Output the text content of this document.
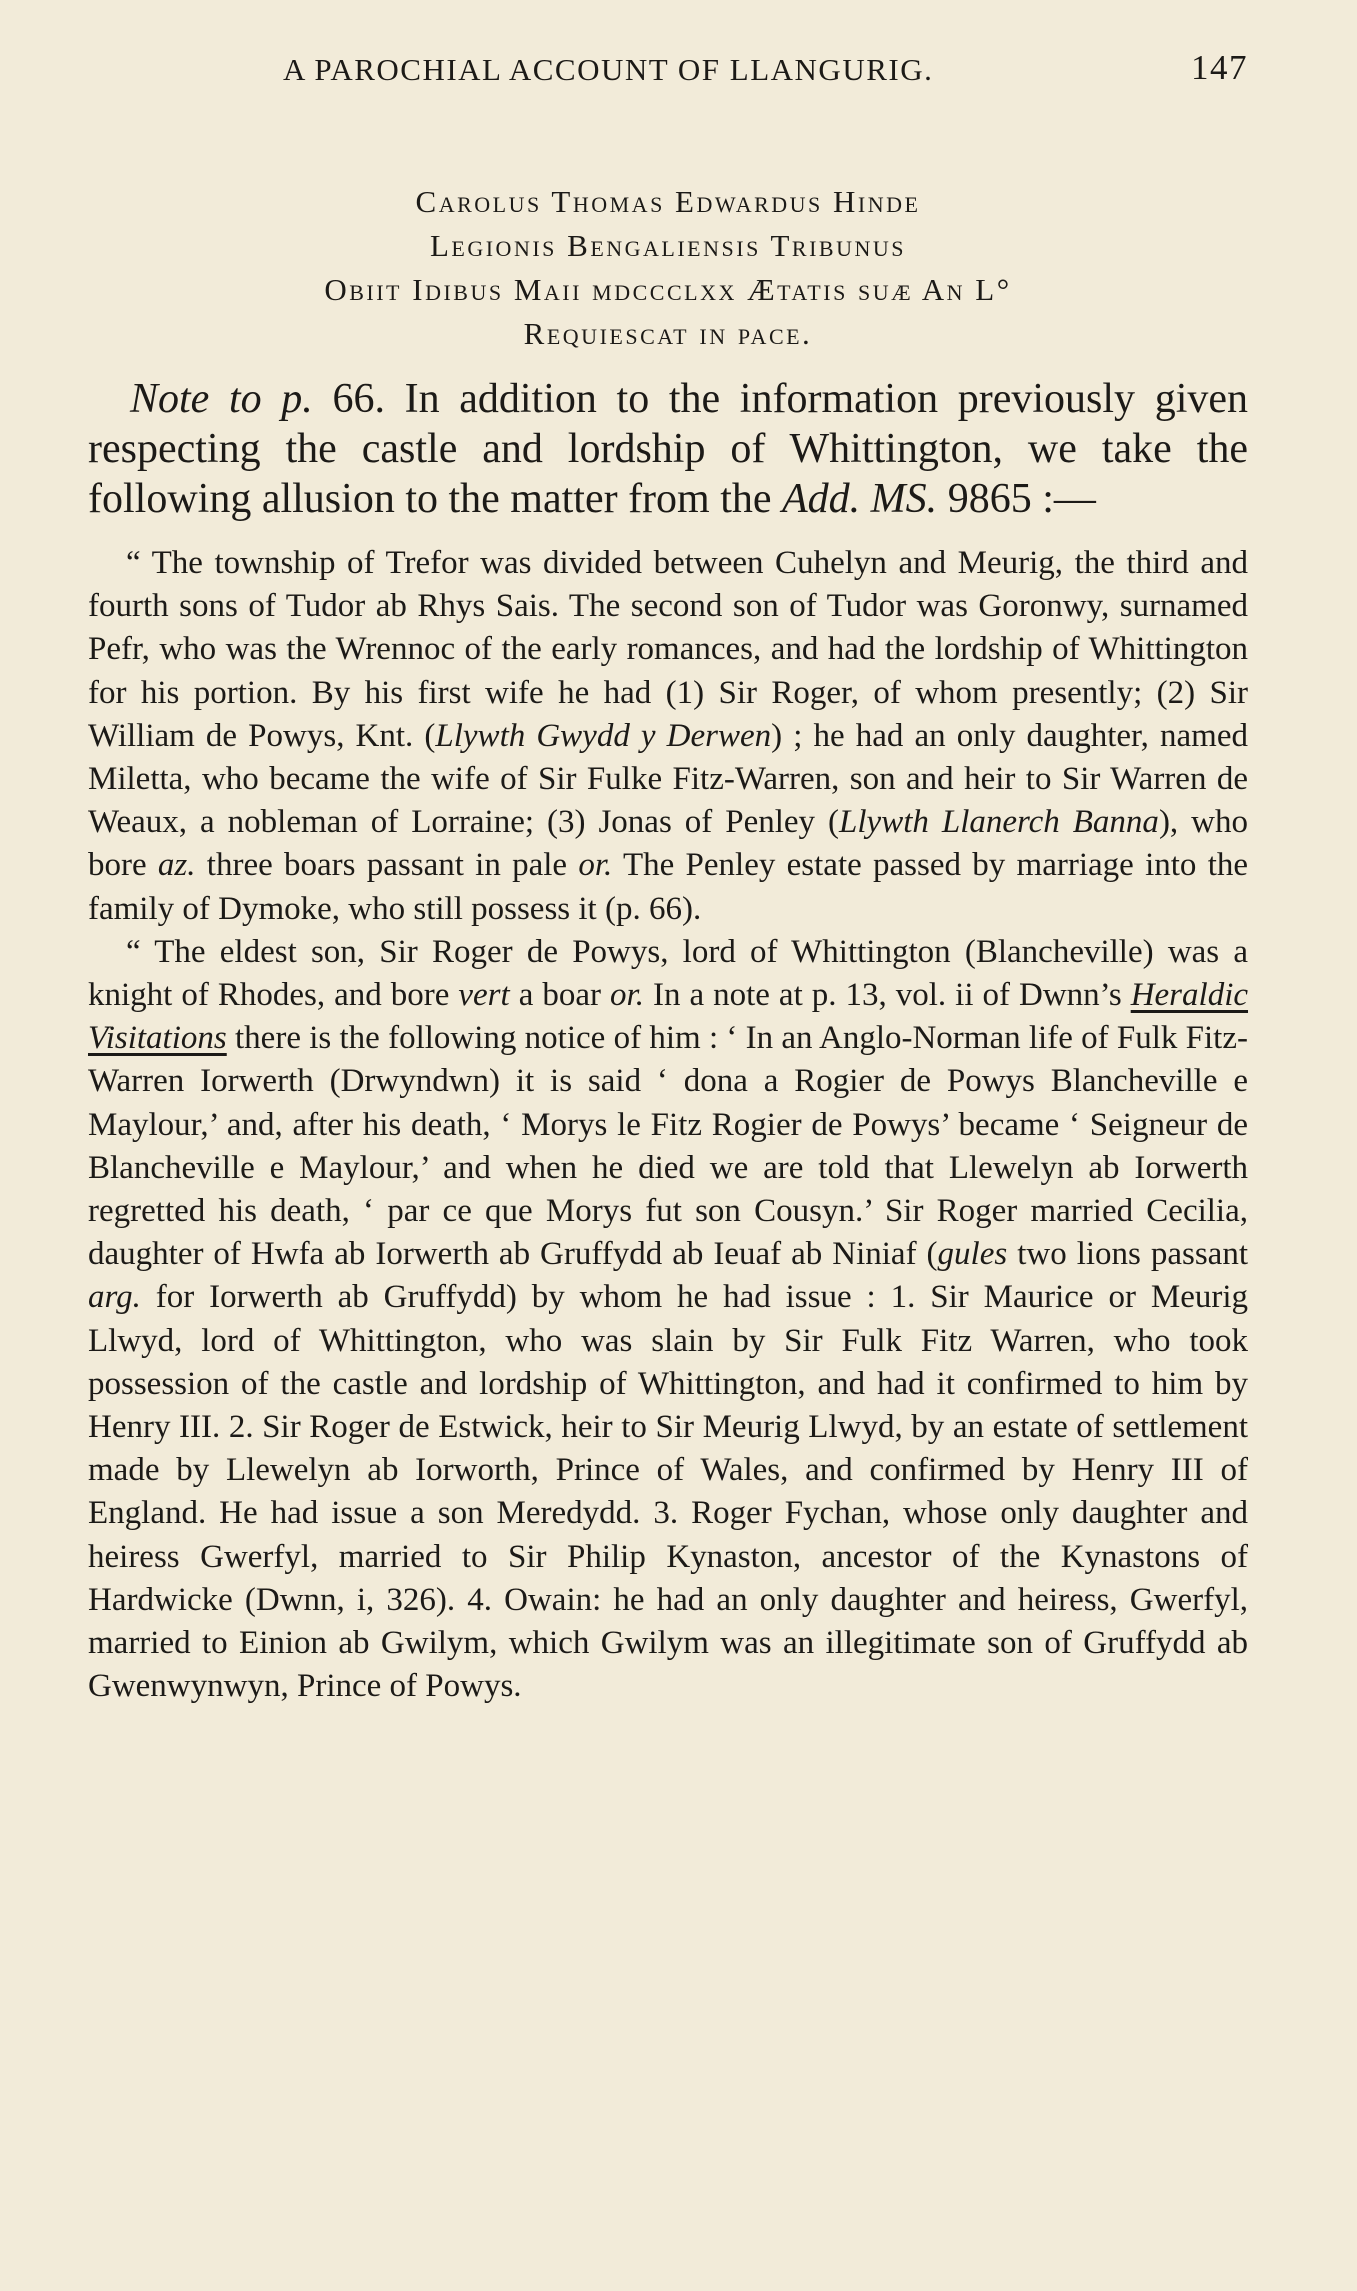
A PAROCHIAL ACCOUNT OF LLANGURIG.	147
Carolus Thomas Edwardus Hinde
Legionis Bengaliensis Tribunus
Obiit Idibus Maii mdccclxx Ætatis suæ An L°
Requiescat in pace.
Note to p. 66. In addition to the information previously given respecting the castle and lordship of Whittington, we take the following allusion to the matter from the Add. MS. 9865 :—

“ The township of Trefor was divided between Cuhelyn and Meurig, the third and fourth sons of Tudor ab Rhys Sais. The second son of Tudor was Goronwy, surnamed Pefr, who was the Wrennoc of the early romances, and had the lordship of Whittington for his portion. By his first wife he had (1) Sir Roger, of whom presently; (2) Sir William de Powys, Knt. (Llywth Gwydd y Derwen) ; he had an only daughter, named Miletta, who became the wife of Sir Fulke Fitz-Warren, son and heir to Sir Warren de Weaux, a nobleman of Lorraine; (3) Jonas of Penley (Llywth Llanerch Banna), who bore az. three boars passant in pale or. The Penley estate passed by marriage into the family of Dymoke, who still possess it (p. 66).

“ The eldest son, Sir Roger de Powys, lord of Whittington (Blancheville) was a knight of Rhodes, and bore vert a boar or. In a note at p. 13, vol. ii of Dwnn’s Heraldic Visitations there is the following notice of him : ‘ In an Anglo-Norman life of Fulk Fitz-Warren Iorwerth (Drwyndwn) it is said ‘ dona a Rogier de Powys Blancheville e Maylour,’ and, after his death, ‘ Morys le Fitz Rogier de Powys’ became ‘ Seigneur de Blancheville e Maylour,’ and when he died we are told that Llewelyn ab Iorwerth regretted his death, ‘ par ce que Morys fut son Cousyn.’ Sir Roger married Cecilia, daughter of Hwfa ab Iorwerth ab Gruffydd ab Ieuaf ab Niniaf (gules two lions passant arg. for Iorwerth ab Gruffydd) by whom he had issue : 1. Sir Maurice or Meurig Llwyd, lord of Whittington, who was slain by Sir Fulk Fitz Warren, who took possession of the castle and lordship of Whittington, and had it confirmed to him by Henry III. 2. Sir Roger de Estwick, heir to Sir Meurig Llwyd, by an estate of settlement made by Llewelyn ab Iorworth, Prince of Wales, and confirmed by Henry III of England. He had issue a son Meredydd. 3. Roger Fychan, whose only daughter and heiress Gwerfyl, married to Sir Philip Kynaston, ancestor of the Kynastons of Hardwicke (Dwnn, i, 326). 4. Owain: he had an only daughter and heiress, Gwerfyl, married to Einion ab Gwilym, which Gwilym was an illegitimate son of Gruffydd ab Gwenwynwyn, Prince of Powys.
